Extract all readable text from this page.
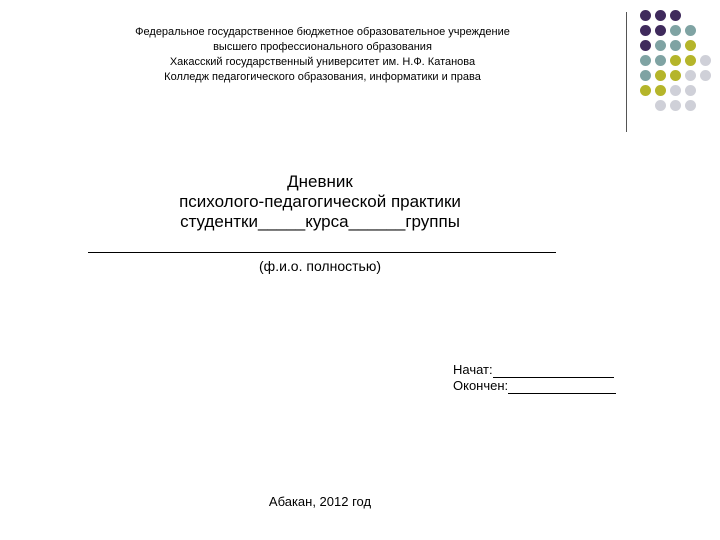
Федеральное государственное бюджетное образовательное учреждение
высшего профессионального образования
Хакасский государственный университет им. Н.Ф. Катанова
Колледж педагогического образования, информатики и права
Дневник
психолого-педагогической практики
студентки_____курса______группы
(ф.и.о. полностью)
Начат:
Окончен:
Абакан, 2012 год
